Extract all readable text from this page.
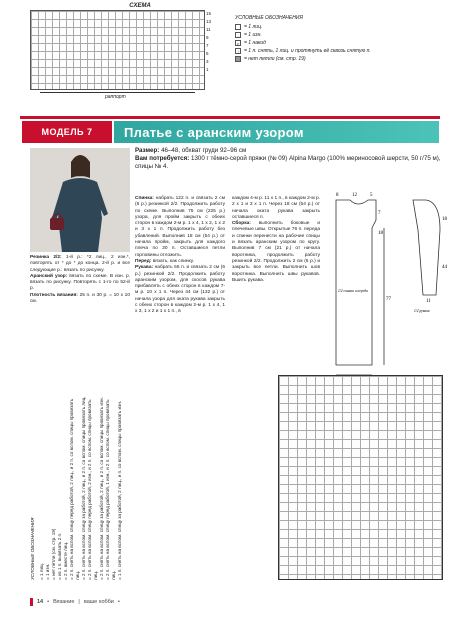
СХЕМА
15
13
11
9
7
5
3
1
раппорт
УСЛОВНЫЕ ОБОЗНАЧЕНИЯ
= 1 лиц.
-	= 1 изн.
v	= 1 накид
\	= 1 п. снять, 1 лиц. и протянуть её сквозь снятую п.
= нет петли (см. стр. 19)
МОДЕЛЬ 7	Платье с аранским узором
Размер: 46–48, обхват груди 92–96 см
Вам потребуется: 1300 г тёмно-серой пряжи (№ 09) Alpina Margo (100% мериносовой шерсти, 50 г/75 м), спицы № 4.

Резинка 2/2: 1-й р.: *2 лиц., 2 изн.*, повторять от * до * до конца. 2-й р. и все следующие р.: вязать по рисунку.

Аранский узор: вязать по схеме. В изн. р. вязать по рисунку. Повторять с 1-го по 52-й р.

Плотность вязания: 25 п. и 30 р. = 10 x 10 см.

Спинка: набрать 122 п. и связать 2 см (6 р.) резинкой 2/2. Продолжить работу по схеме. Выполнив 75 см (225 р.) узора, для пройм закрыть с обеих сторон в каждом 2-м р. 1 x 4, 1 x 2, 1 x 2 и 3 x 1 п. Продолжить работу без убавлений. Выполнив 18 см (54 р.) от начала пройм, закрыть для каждого плеча по 30 п. Оставшиеся петли горловины отложить.

Перед: вязать, как спинку.

Рукава: набрать 56 п. и связать 2 см (6 р.) резинкой 2/2. Продолжить работу аранским узором, для скосов рукава прибавлять с обеих сторон в каждом 7-м р. 10 x 1 п. Через 44 см (132 р.) от начала узора для оката рукава закрыть с обеих сторон в каждом 2-м р. 1 x 4, 1 x 3, 1 x 2 и 1 x 1 п., в

каждом 4-м р. 11 x 1 п., в каждом 2-м р. 2 x 1 и 3 x 1 п. Через 18 см (54 р.) от начала оката рукава закрыть оставшиеся п.

Сборка: выполнить боковые и плечевые швы. Открытые 76 п. переда и спинки перенести на рабочие спицы и вязать аранским узором по кругу. Выполнив 7 см (21 р.) от начала воротника, продолжить работу резинкой 2/2. Продолжить 2 см (6 р.) и закрыть все петли. Выполнить шов воротника. Выполнить швы рукавов. Вшить рукава.

8	12	5
7
18
77
18
44
11
1/2 спинки и переда
1/2 рукава
УСЛОВНЫЕ ОБОЗНАЧЕНИЯ = 1 лиц. = 1 изн. = нет петли (см. стр. 19) = из 1 п. вывязать 2 п. = 2 п. вместе лиц. = 2 п. снять на вспом. спицу перед работой, 2 лиц., и 2 п. со вспом. спицы провязать лиц. = 2 п. снять на вспом. спицу за работой, 2 лиц., и 2 п. со вспом. спицы провязать лиц. = 2 п. снять на вспом. спицу перед работой, 2 изн., и 2 п. со вспом. спицы провязать лиц. = 2 п. снять на вспом. спицу за работой, 2 лиц., и 2 п. со вспом. спицы провязать изн. = 2 п. снять на вспом. спицу перед работой, 1 изн., и 2 п. со вспом. спицы провязать лиц. = 1 п. снять на вспом. спицу за работой, 2 лиц., и п. со вспом. спицы провязать изн.
14 • Вязание | ваше хобби •
